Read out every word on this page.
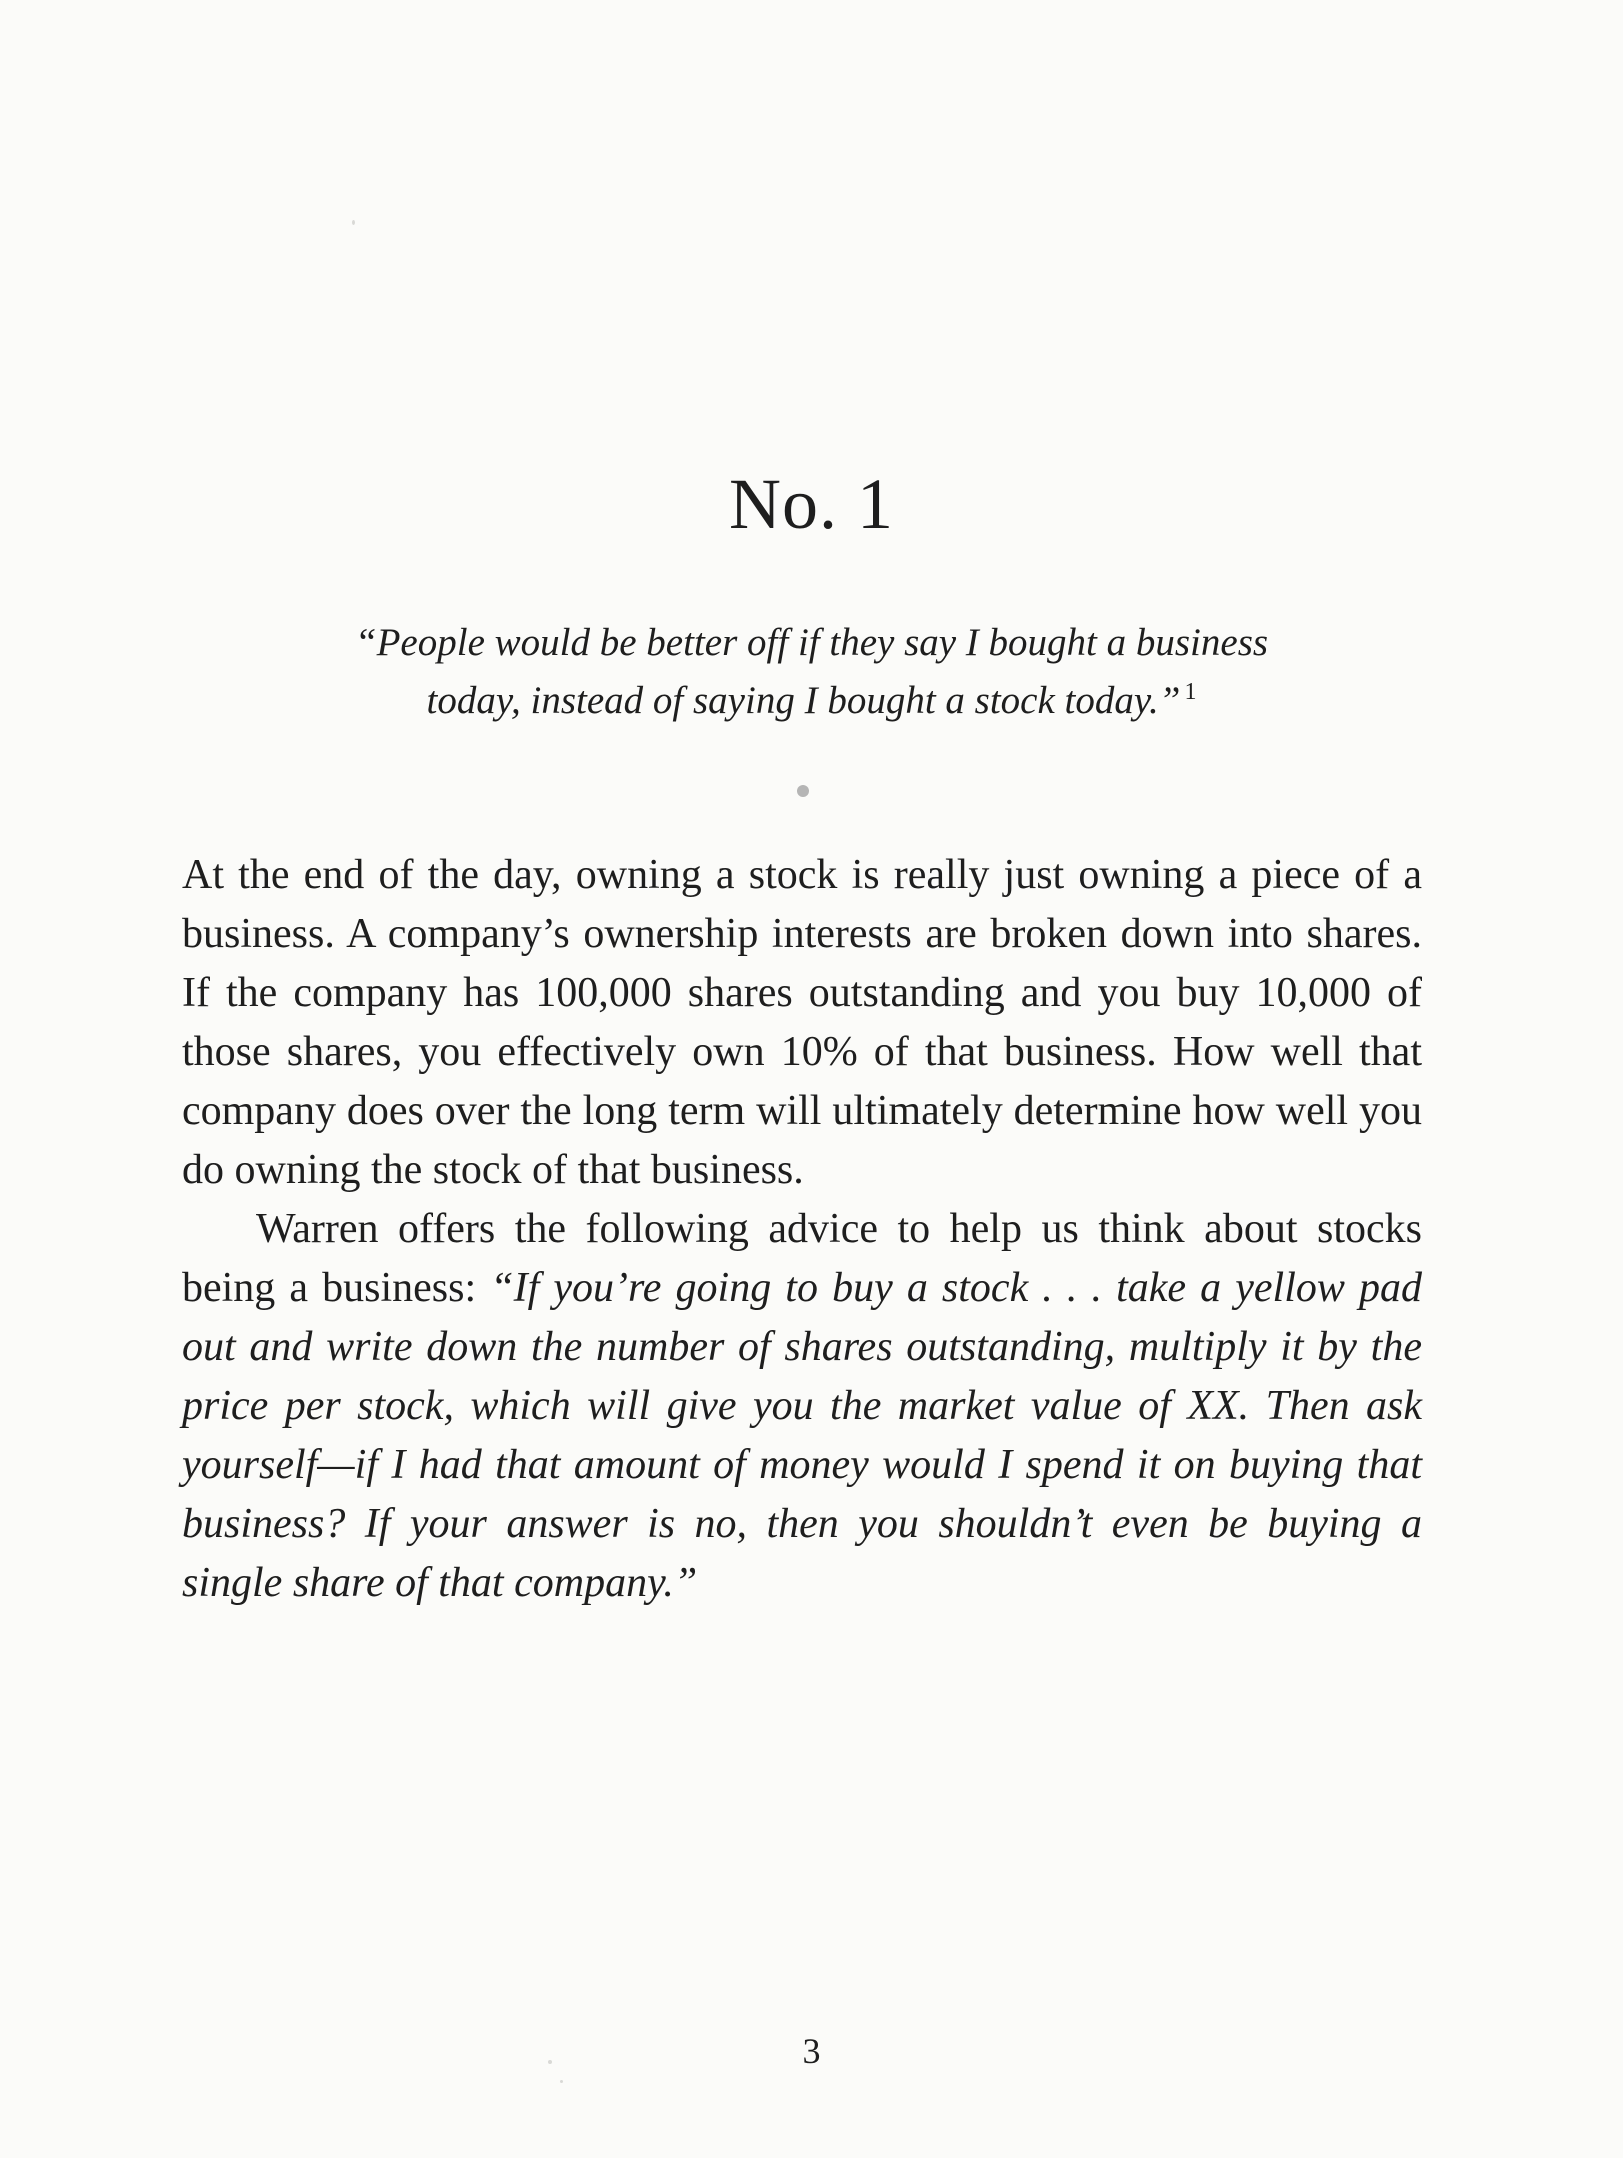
No. 1

“People would be better off if they say I bought a business
today, instead of saying I bought a stock today.” $^1$

At the end of the day, owning a stock is really just owning a piece of a business. A company’s ownership interests are broken down into shares. If the company has 100,000 shares outstanding and you buy 10,000 of those shares, you effectively own 10% of that business. How well that company does over the long term will ultimately determine how well you do owning the stock of that business.

Warren offers the following advice to help us think about stocks being a business: “If you’re going to buy a stock . . . take a yellow pad out and write down the number of shares outstanding, multiply it by the price per stock, which will give you the market value of XX. Then ask yourself—if I had that amount of money would I spend it on buying that business? If your answer is no, then you shouldn’t even be buying a single share of that company.”

3
